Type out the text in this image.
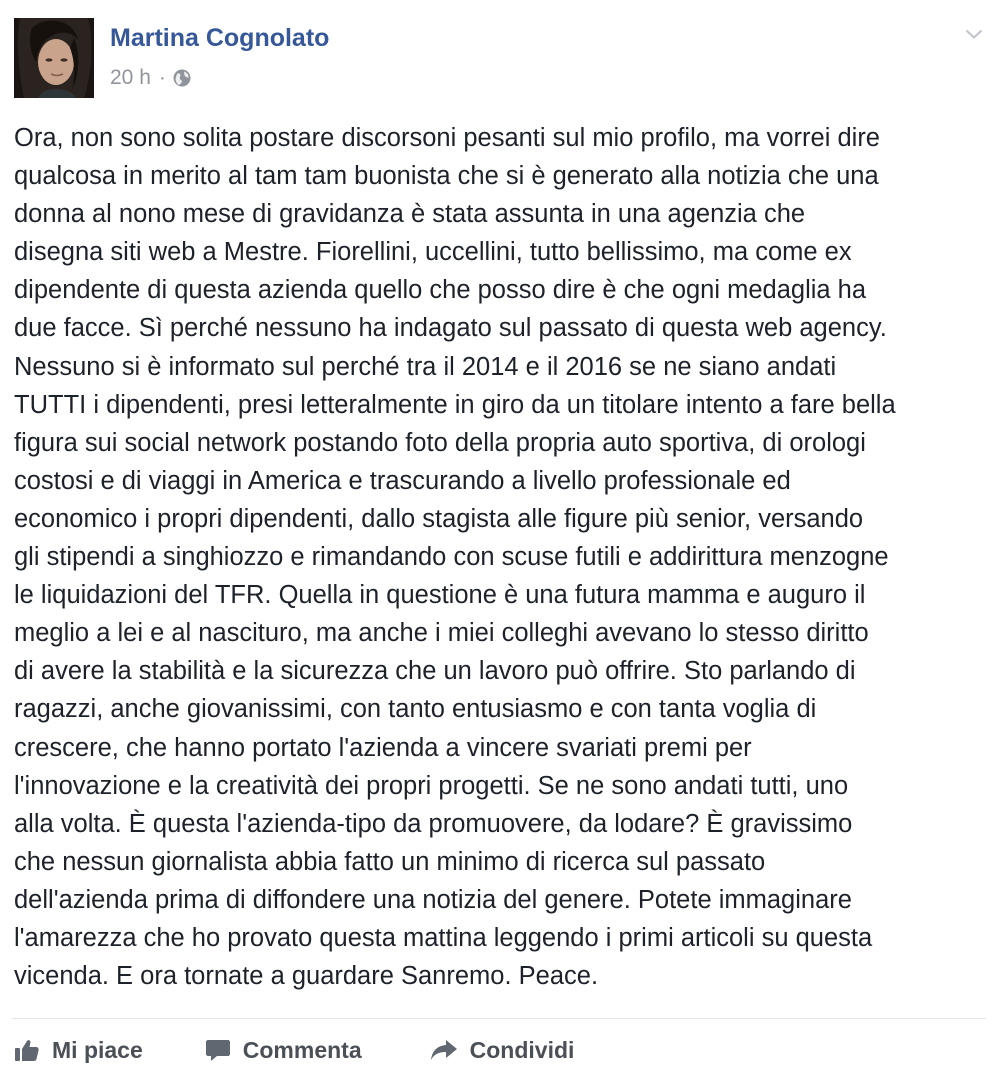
Martina Cognolato
20 h ·
Ora, non sono solita postare discorsoni pesanti sul mio profilo, ma vorrei dire
qualcosa in merito al tam tam buonista che si è generato alla notizia che una
donna al nono mese di gravidanza è stata assunta in una agenzia che
disegna siti web a Mestre. Fiorellini, uccellini, tutto bellissimo, ma come ex
dipendente di questa azienda quello che posso dire è che ogni medaglia ha
due facce. Sì perché nessuno ha indagato sul passato di questa web agency.
Nessuno si è informato sul perché tra il 2014 e il 2016 se ne siano andati
TUTTI i dipendenti, presi letteralmente in giro da un titolare intento a fare bella
figura sui social network postando foto della propria auto sportiva, di orologi
costosi e di viaggi in America e trascurando a livello professionale ed
economico i propri dipendenti, dallo stagista alle figure più senior, versando
gli stipendi a singhiozzo e rimandando con scuse futili e addirittura menzogne
le liquidazioni del TFR. Quella in questione è una futura mamma e auguro il
meglio a lei e al nascituro, ma anche i miei colleghi avevano lo stesso diritto
di avere la stabilità e la sicurezza che un lavoro può offrire. Sto parlando di
ragazzi, anche giovanissimi, con tanto entusiasmo e con tanta voglia di
crescere, che hanno portato l'azienda a vincere svariati premi per
l'innovazione e la creatività dei propri progetti. Se ne sono andati tutti, uno
alla volta. È questa l'azienda-tipo da promuovere, da lodare? È gravissimo
che nessun giornalista abbia fatto un minimo di ricerca sul passato
dell'azienda prima di diffondere una notizia del genere. Potete immaginare
l'amarezza che ho provato questa mattina leggendo i primi articoli su questa
vicenda. E ora tornate a guardare Sanremo. Peace.
Mi piace	Commenta	Condividi
